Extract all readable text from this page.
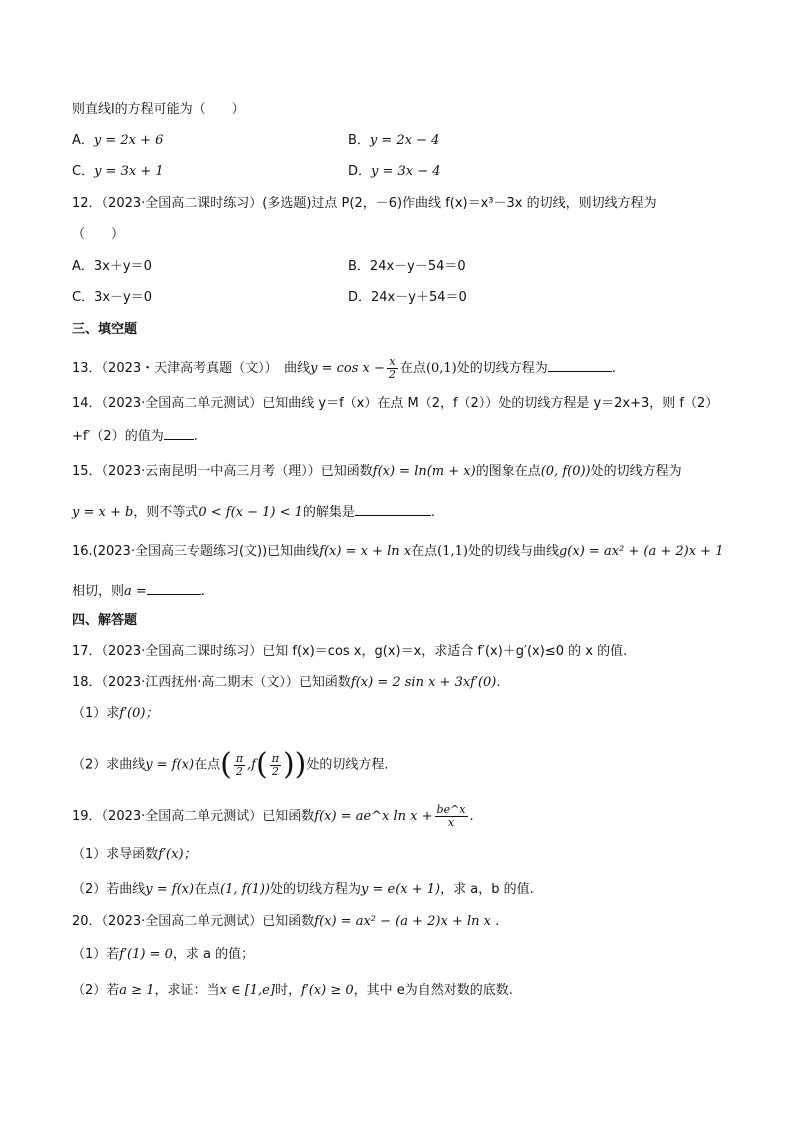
则直线l的方程可能为（　　）
A．y = 2x + 6	B．y = 2x − 4
C．y = 3x + 1	D．y = 3x − 4
12．（2023·全国高二课时练习）(多选题)过点 P(2，－6)作曲线 f(x)＝x³－3x 的切线，则切线方程为
（　　）
A．3x＋y＝0	B．24x－y－54＝0
C．3x－y＝0	D．24x－y＋54＝0
三、填空题
13．（2023・天津高考真题（文））　曲线$y = \cos x - \frac{x}{2}$ 在点(0,1)处的切线方程为	.
14．（2023·全国高二单元测试）已知曲线 y＝f（x）在点 M（2，f（2））处的切线方程是 y＝2x+3，则 f（2）
+f′（2）的值为 .
15．（2023·云南昆明一中高三月考（理））已知函数f(x) = ln(m + x)的图象在点(0, f(0))处的切线方程为
y = x + b，则不等式0 < f(x − 1) < 1的解集是	.
16.(2023·全国高三专题练习(文))已知曲线f(x) = x + ln x在点(1,1)处的切线与曲线g(x) = ax² + (a + 2)x + 1
相切，则a =	.
四、解答题
17．（2023·全国高二课时练习）已知 f(x)＝cos x，g(x)＝x，求适合 f′(x)＋g′(x)≤0 的 x 的值.
18．（2023·江西抚州·高二期末（文））已知函数f(x) = 2 sin x + 3xf′(0).
（1）求f′(0)；
（2）求曲线y = f(x)在点( $\frac{\pi}{2} ,f( \frac{\pi}{2}$ ))处的切线方程.
19．（2023·全国高二单元测试）已知函数f(x) = ae^x $\ln x + \frac{be\^{}x}{x}$ .
（1）求导函数f′(x)；
（2）若曲线y = f(x)在点(1, f(1))处的切线方程为y = e(x + 1)，求 a，b 的值.
20．（2023·全国高二单元测试）已知函数f(x) = ax² − (a + 2)x + ln x .
（1）若f′(1) = 0，求 a 的值；
（2）若a ≥ 1，求证：当x ∈ [1,e]时，f′(x) ≥ 0，其中 e为自然对数的底数.
